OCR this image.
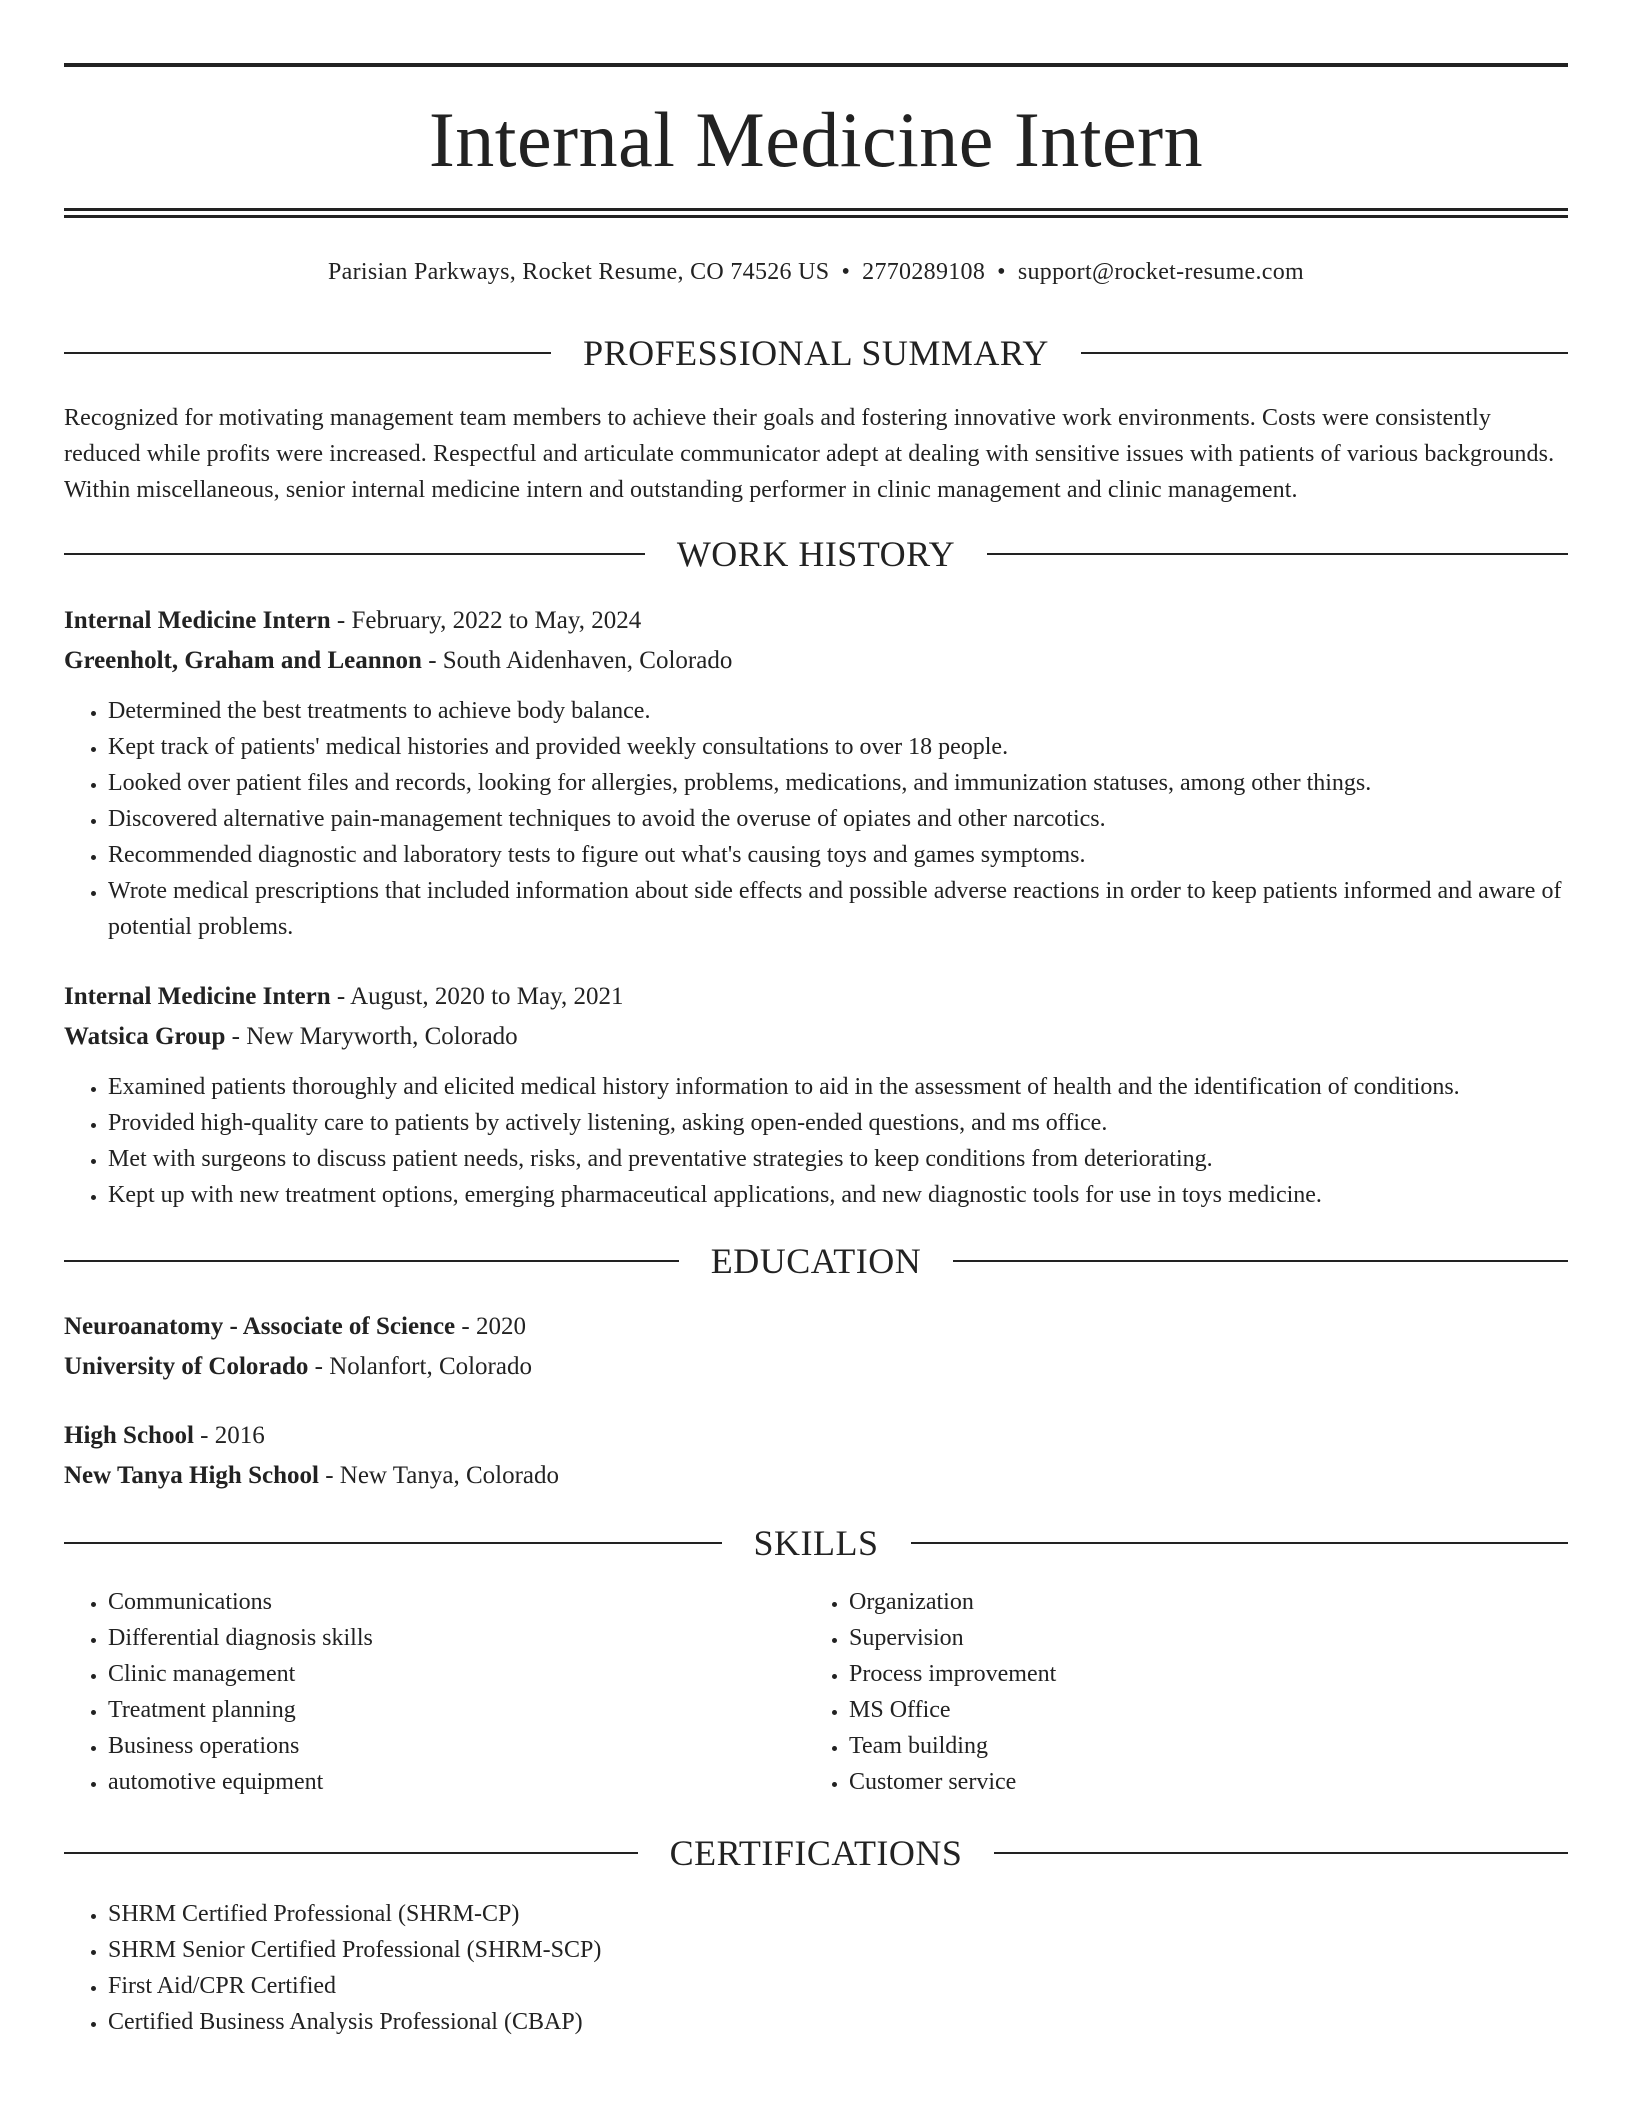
Internal Medicine Intern
Parisian Parkways, Rocket Resume, CO 74526 US • 2770289108 • support@rocket-resume.com
PROFESSIONAL SUMMARY
Recognized for motivating management team members to achieve their goals and fostering innovative work environments. Costs were consistently reduced while profits were increased. Respectful and articulate communicator adept at dealing with sensitive issues with patients of various backgrounds. Within miscellaneous, senior internal medicine intern and outstanding performer in clinic management and clinic management.
WORK HISTORY
Internal Medicine Intern - February, 2022 to May, 2024
Greenholt, Graham and Leannon - South Aidenhaven, Colorado
• Determined the best treatments to achieve body balance.
• Kept track of patients' medical histories and provided weekly consultations to over 18 people.
• Looked over patient files and records, looking for allergies, problems, medications, and immunization statuses, among other things.
• Discovered alternative pain-management techniques to avoid the overuse of opiates and other narcotics.
• Recommended diagnostic and laboratory tests to figure out what's causing toys and games symptoms.
• Wrote medical prescriptions that included information about side effects and possible adverse reactions in order to keep patients informed and aware of potential problems.
Internal Medicine Intern - August, 2020 to May, 2021
Watsica Group - New Maryworth, Colorado
• Examined patients thoroughly and elicited medical history information to aid in the assessment of health and the identification of conditions.
• Provided high-quality care to patients by actively listening, asking open-ended questions, and ms office.
• Met with surgeons to discuss patient needs, risks, and preventative strategies to keep conditions from deteriorating.
• Kept up with new treatment options, emerging pharmaceutical applications, and new diagnostic tools for use in toys medicine.
EDUCATION
Neuroanatomy - Associate of Science - 2020
University of Colorado - Nolanfort, Colorado
High School - 2016
New Tanya High School - New Tanya, Colorado
SKILLS
• Communications
• Differential diagnosis skills
• Clinic management
• Treatment planning
• Business operations
• automotive equipment
• Organization
• Supervision
• Process improvement
• MS Office
• Team building
• Customer service
CERTIFICATIONS
• SHRM Certified Professional (SHRM-CP)
• SHRM Senior Certified Professional (SHRM-SCP)
• First Aid/CPR Certified
• Certified Business Analysis Professional (CBAP)
